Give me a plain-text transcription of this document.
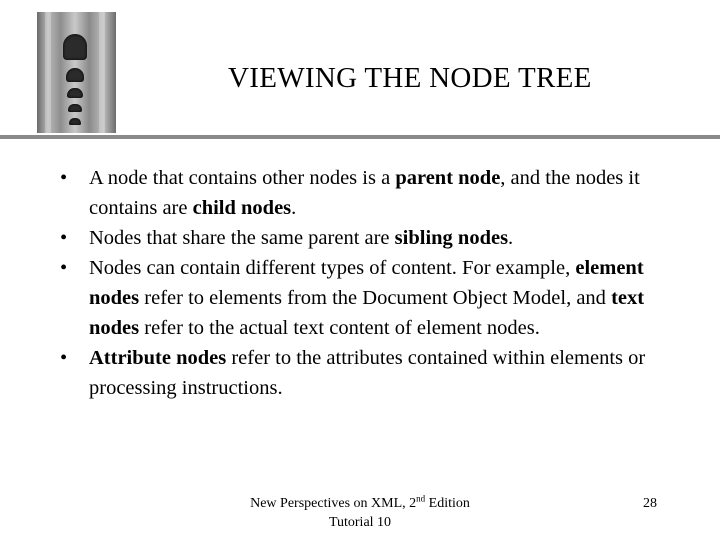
VIEWING THE NODE TREE
•	A node that contains other nodes is a parent node, and the nodes it contains are child nodes.
•	Nodes that share the same parent are sibling nodes.
•	Nodes can contain different types of content. For example, element nodes refer to elements from the Document Object Model, and text nodes refer to the actual text content of element nodes.
•	Attribute nodes refer to the attributes contained within elements or processing instructions.
New Perspectives on XML, 2nd Edition
Tutorial 10
28
